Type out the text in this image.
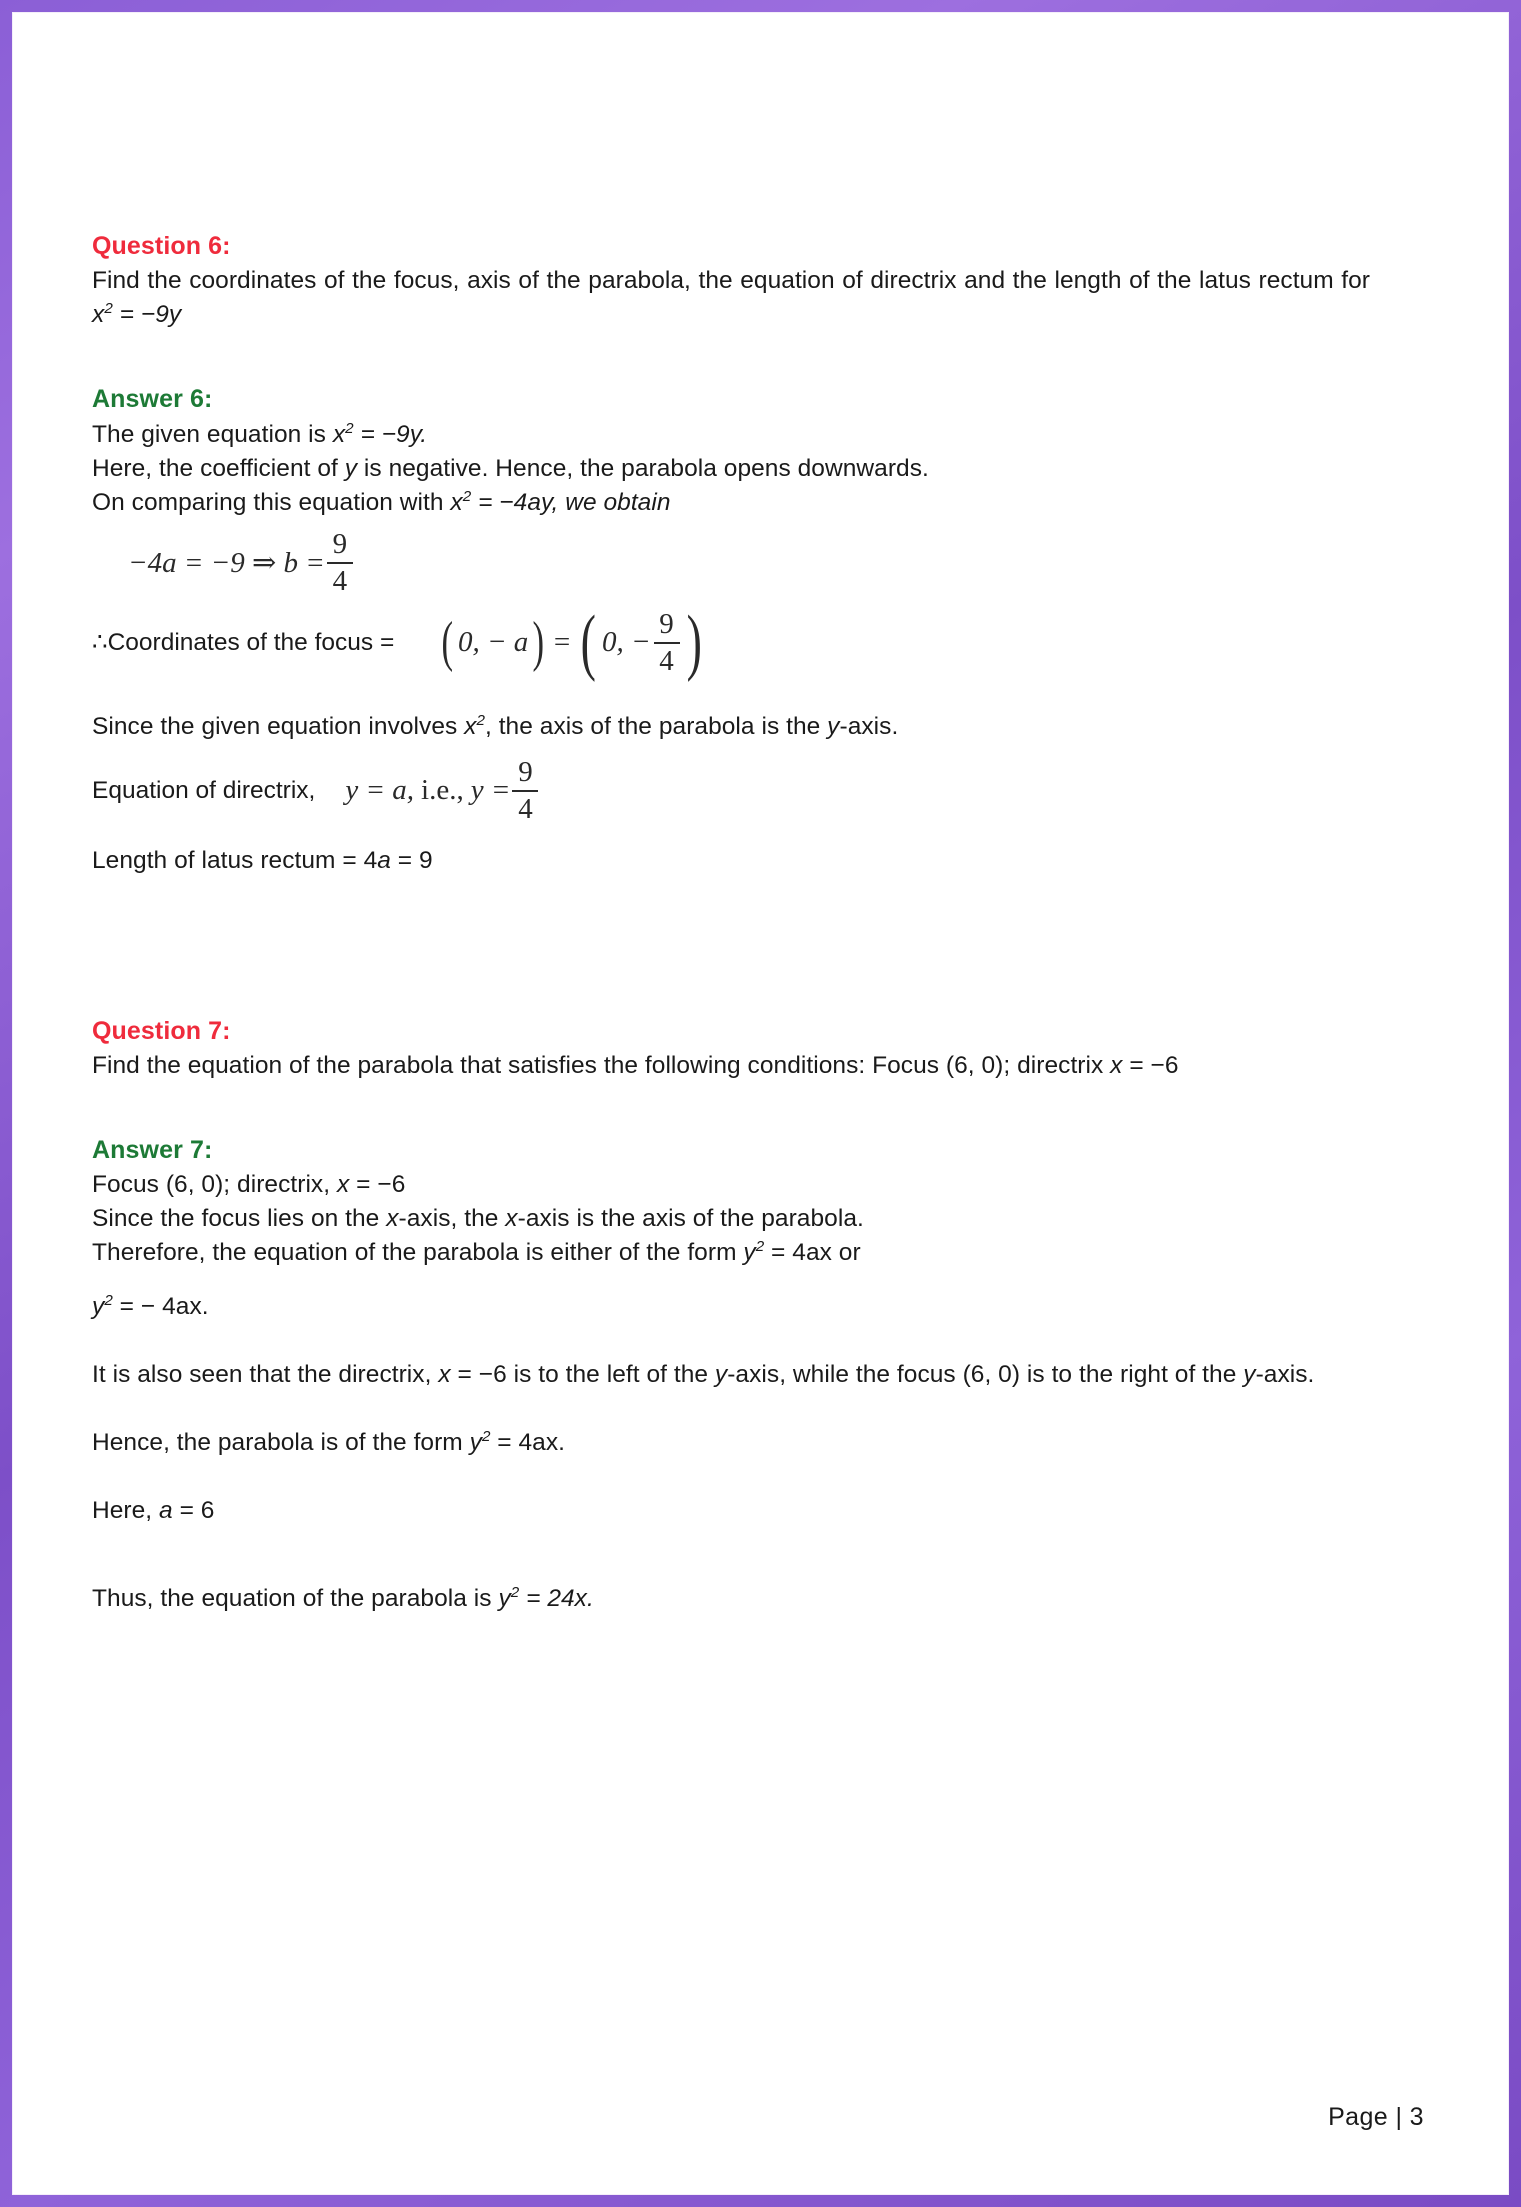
Question 6:

Find the coordinates of the focus, axis of the parabola, the equation of directrix and the length of the latus rectum for $x^2 = -9y$

Answer 6:

The given equation is $x^2 = -9y$.

Here, the coefficient of y is negative. Hence, the parabola opens downwards.

On comparing this equation with $x^2 = -4ay$, we obtain

−4a = −9 ⇒ $b = \frac{9}{4}$
∴Coordinates of the focus = ( 0, − a ) = ( 0, − $\frac{9}{4}$ )

Since the given equation involves $x^2$, the axis of the parabola is the y-axis.

Equation of directrix, y = a, i.e., $y = \frac{9}{4}$

Length of latus rectum = 4a = 9

Question 7:

Find the equation of the parabola that satisfies the following conditions: Focus (6, 0); directrix x = −6

Answer 7:

Focus (6, 0); directrix, x = −6

Since the focus lies on the x-axis, the x-axis is the axis of the parabola.

Therefore, the equation of the parabola is either of the form $y^2 = 4ax$ or

$y^2$ = − 4ax.

It is also seen that the directrix, x = −6 is to the left of the y-axis, while the focus (6, 0) is to the right of the y-axis.

Hence, the parabola is of the form $y^2 = 4ax$.

Here, a = 6

Thus, the equation of the parabola is $y^2 = 24x$.

Page | 3
